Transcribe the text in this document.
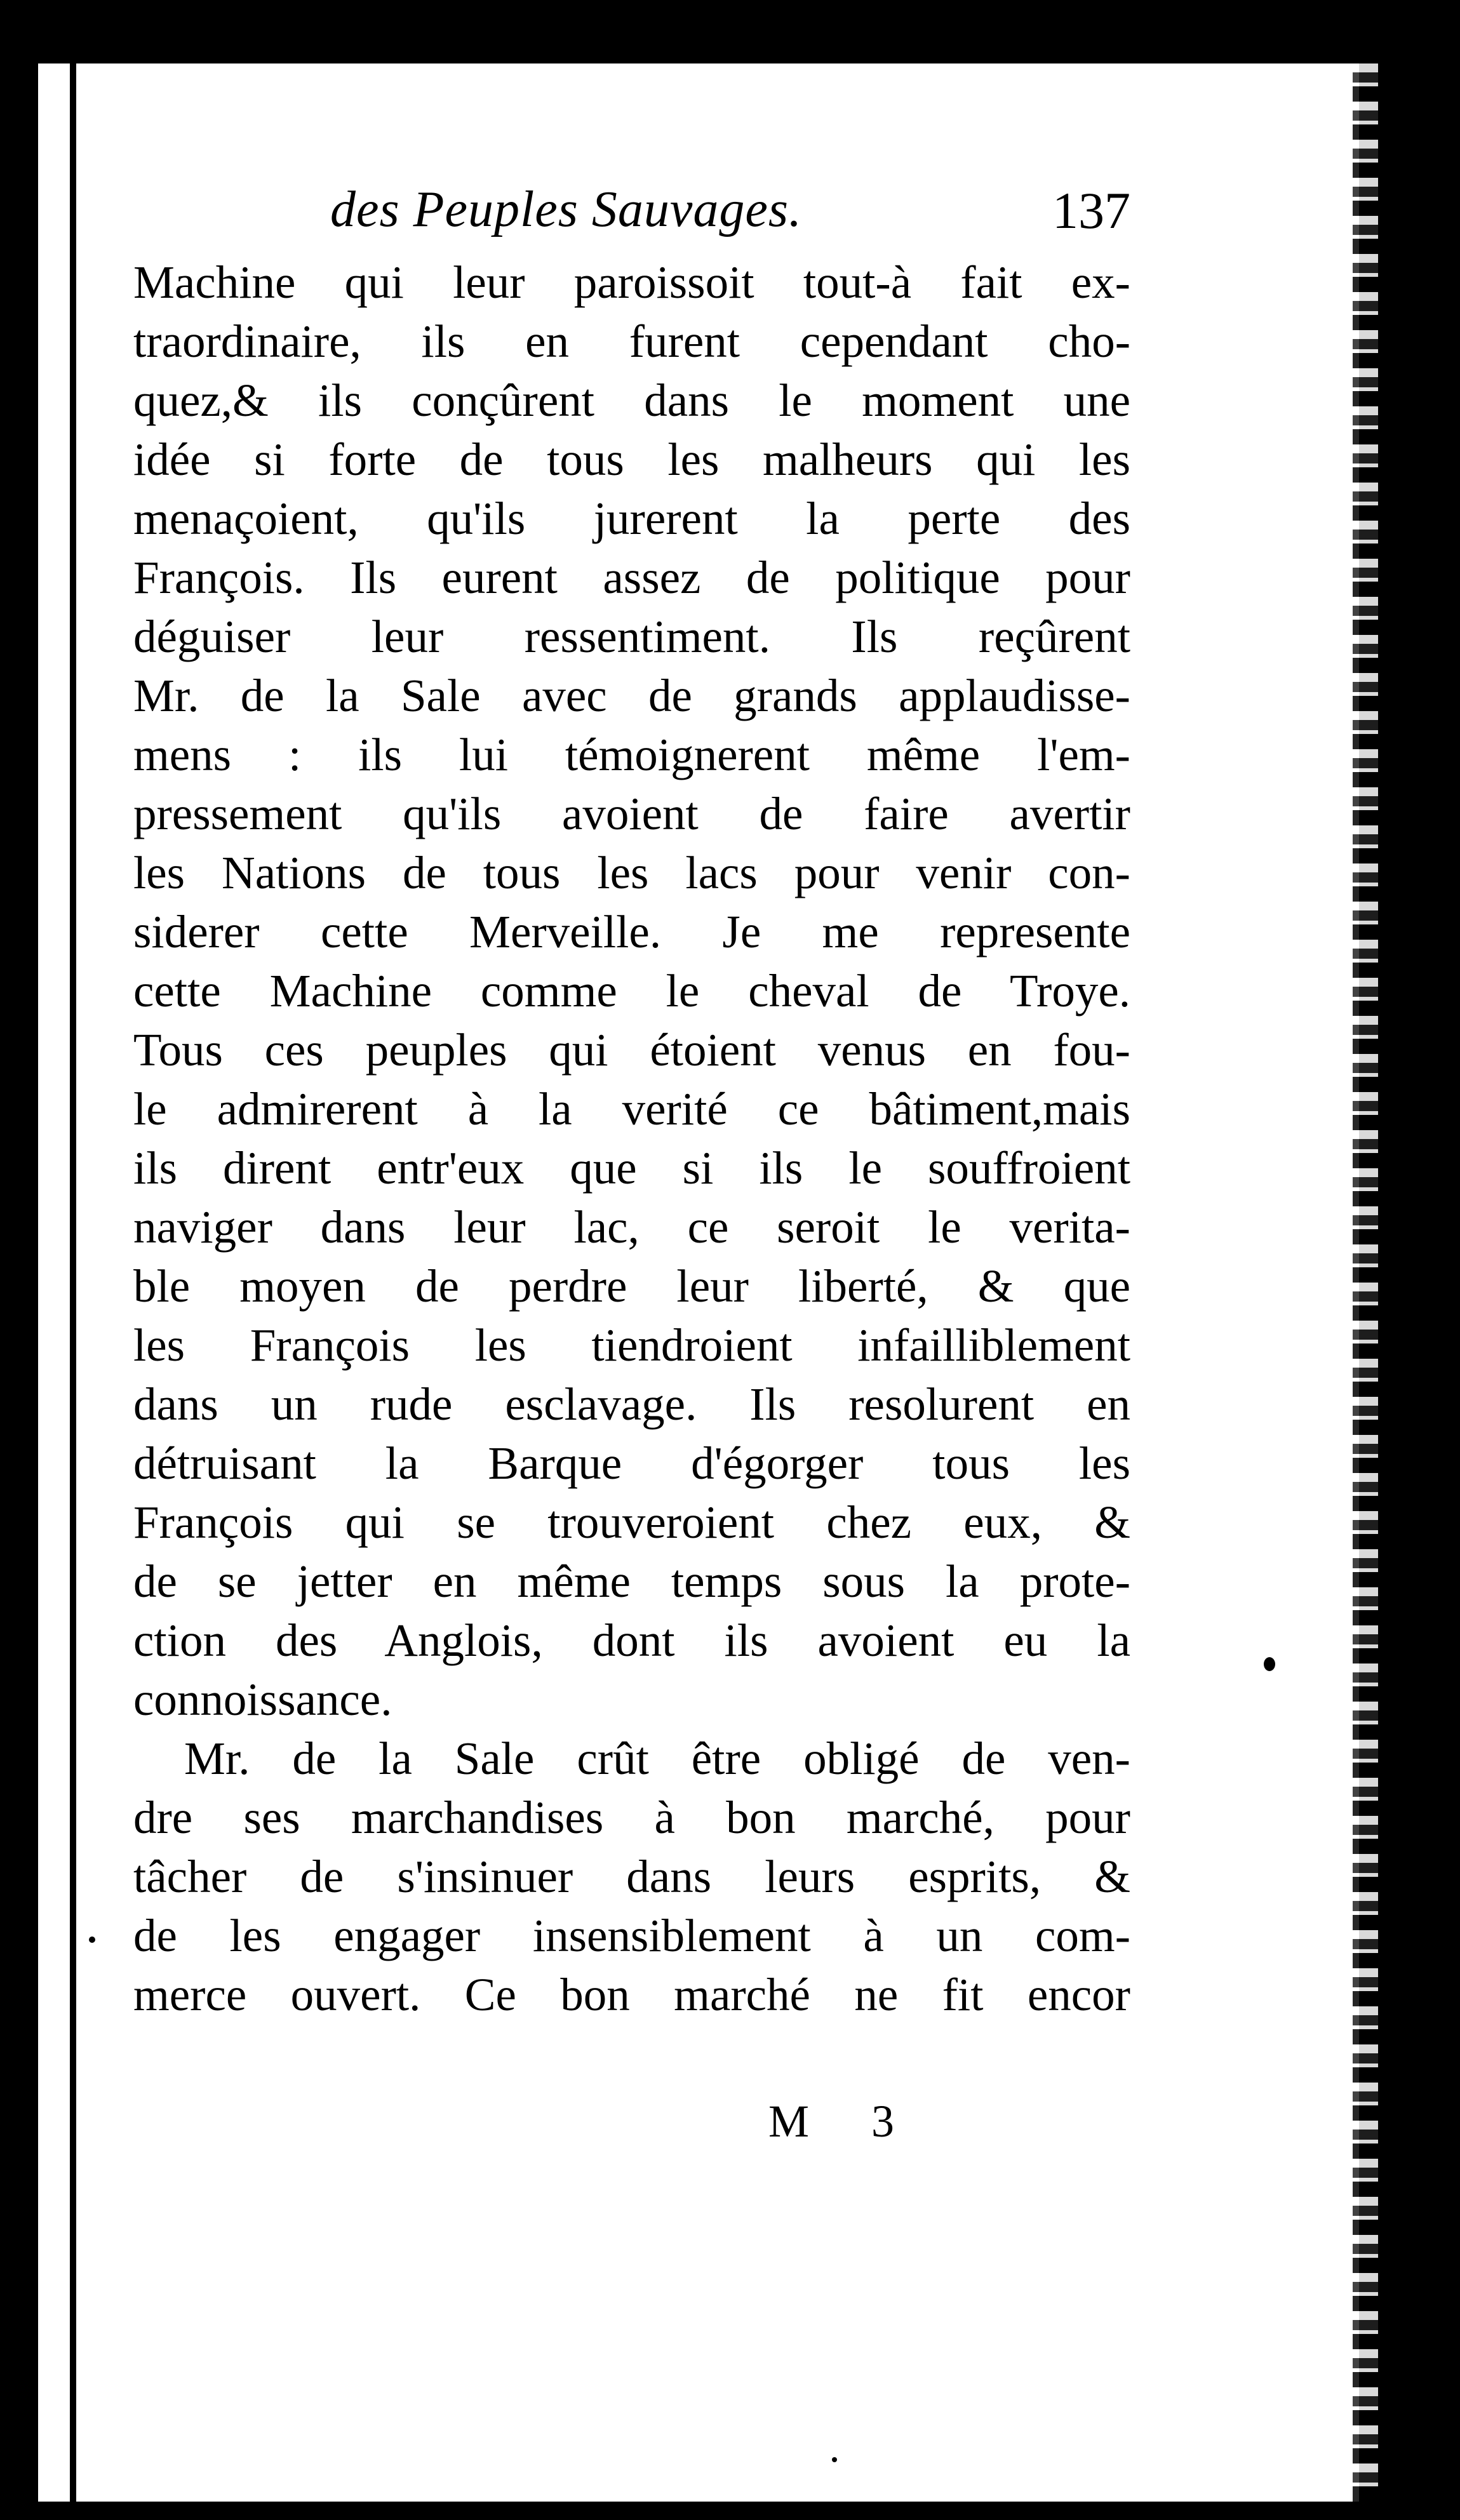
des Peuples Sauvages.	137
Machine qui leur paroissoit tout-à fait ex-
traordinaire, ils en furent cependant cho-
quez,& ils conçûrent dans le moment une
idée si forte de tous les malheurs qui les
menaçoient, qu'ils jurerent la perte des
François. Ils eurent assez de politique pour
déguiser leur ressentiment. Ils reçûrent
Mr. de la Sale avec de grands applaudisse-
mens : ils lui témoignerent même l'em-
pressement qu'ils avoient de faire avertir
les Nations de tous les lacs pour venir con-
siderer cette Merveille. Je me represente
cette Machine comme le cheval de Troye.
Tous ces peuples qui étoient venus en fou-
le admirerent à la verité ce bâtiment,mais
ils dirent entr'eux que si ils le souffroient
naviger dans leur lac, ce seroit le verita-
ble moyen de perdre leur liberté, & que
les François les tiendroient infailliblement
dans un rude esclavage. Ils resolurent en
détruisant la Barque d'égorger tous les
François qui se trouveroient chez eux, &
de se jetter en même temps sous la prote-
ction des Anglois, dont ils avoient eu la
connoissance.
Mr. de la Sale crût être obligé de ven-
dre ses marchandises à bon marché, pour
tâcher de s'insinuer dans leurs esprits, &
de les engager insensiblement à un com-
merce ouvert. Ce bon marché ne fit encor
M 3
